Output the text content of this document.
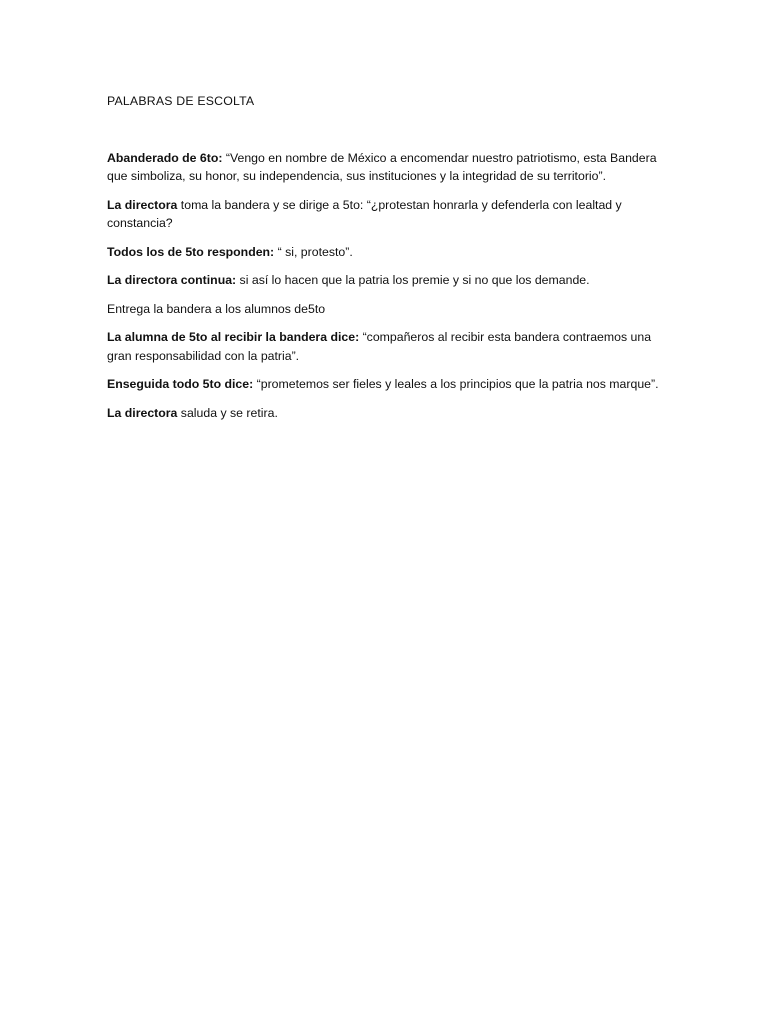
PALABRAS DE ESCOLTA

Abanderado de 6to: “Vengo en nombre de México a encomendar nuestro patriotismo, esta Bandera que simboliza, su honor, su independencia, sus instituciones y la integridad de su territorio”.

La directora toma la bandera y se dirige a 5to: “¿protestan honrarla y defenderla con lealtad y constancia?

Todos los de 5to responden: “ si, protesto”.

La directora continua: si así lo hacen que la patria los premie y si no que los demande.

Entrega la bandera a los alumnos de5to

La alumna de 5to al recibir la bandera dice: “compañeros al recibir esta bandera contraemos una gran responsabilidad con la patria”.

Enseguida todo 5to dice: “prometemos ser fieles y leales a los principios que la patria nos marque”.

La directora saluda y se retira.
